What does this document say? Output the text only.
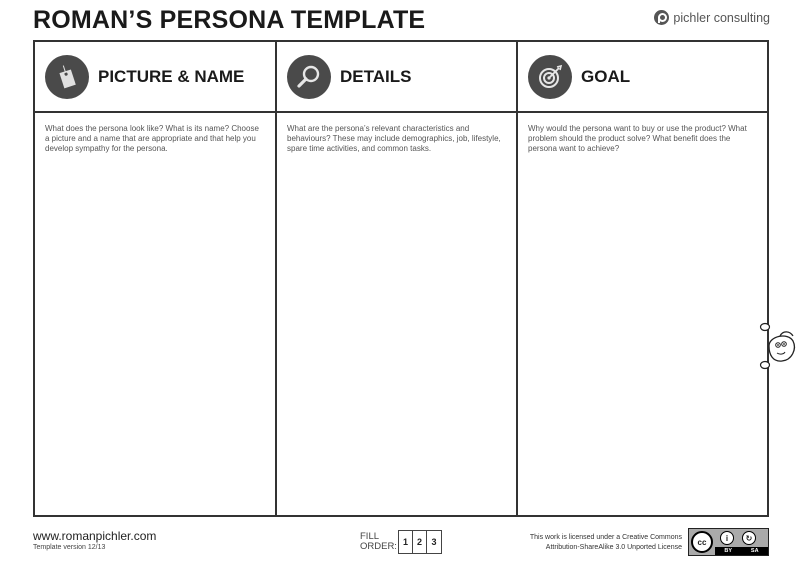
ROMAN’S PERSONA TEMPLATE	pichler consulting
PICTURE & NAME
What does the persona look like? What is its name? Choose a picture and a name that are appropriate and that help you develop sympathy for the persona.
DETAILS
What are the persona’s relevant characteristics and behaviours? These may include demographics, job, lifestyle, spare time activities, and common tasks.
GOAL
Why would the persona want to buy or use the product? What problem should the product solve? What benefit does the persona want to achieve?
www.romanpichler.com
Template version 12/13
FILL ORDER: 1 2	3	This work is licensed under a Creative Commons
Attribution-ShareAlike 3.0 Unported License
cc	i	↻
BY	SA
